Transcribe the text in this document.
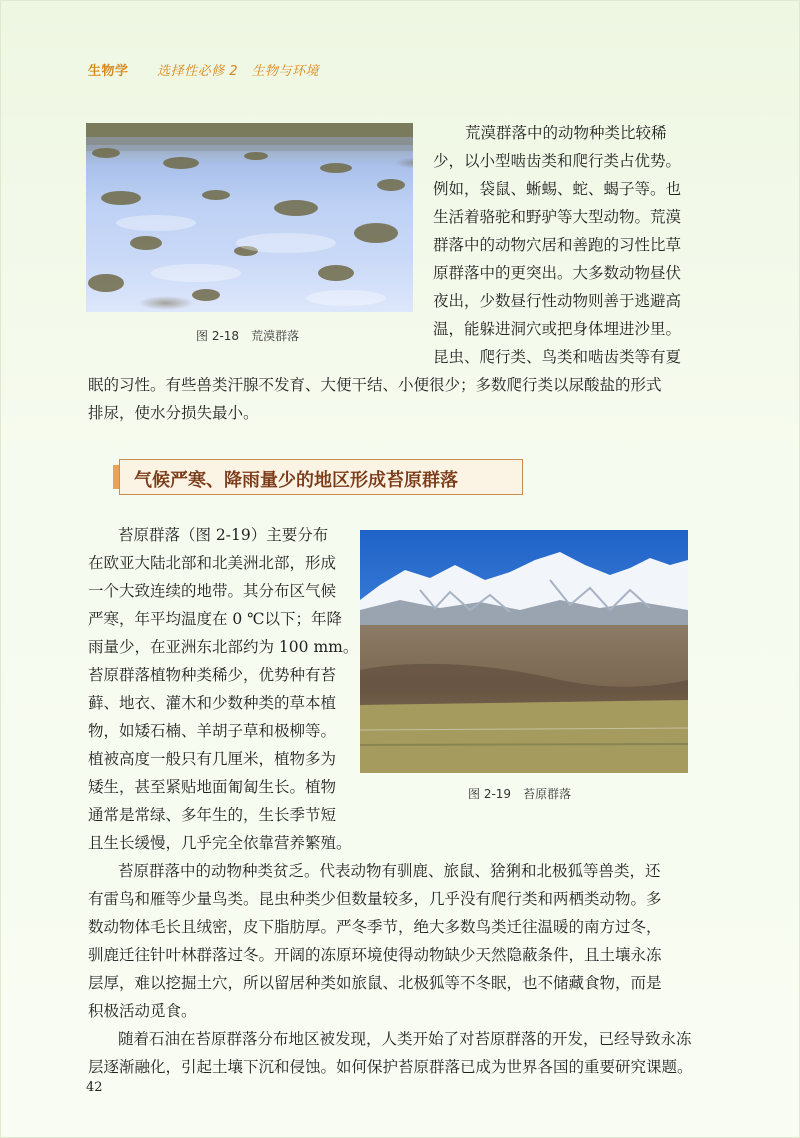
生物学 选择性必修 2　生物与环境
图 2-18 荒漠群落
荒漠群落中的动物种类比较稀
少，以小型啮齿类和爬行类占优势。
例如，袋鼠、蜥蜴、蛇、蝎子等。也
生活着骆驼和野驴等大型动物。荒漠
群落中的动物穴居和善跑的习性比草
原群落中的更突出。大多数动物昼伏
夜出，少数昼行性动物则善于逃避高
温，能躲进洞穴或把身体埋进沙里。
昆虫、爬行类、鸟类和啮齿类等有夏
眠的习性。有些兽类汗腺不发育、大便干结、小便很少；多数爬行类以尿酸盐的形式
排尿，使水分损失最小。
气候严寒、降雨量少的地区形成苔原群落
图 2-19 苔原群落
苔原群落（图 2-19）主要分布
在欧亚大陆北部和北美洲北部，形成
一个大致连续的地带。其分布区气候
严寒，年平均温度在 0 ℃以下；年降
雨量少，在亚洲东北部约为 100 mm。
苔原群落植物种类稀少，优势种有苔
藓、地衣、灌木和少数种类的草本植
物，如矮石楠、羊胡子草和极柳等。
植被高度一般只有几厘米，植物多为
矮生，甚至紧贴地面匍匐生长。植物
通常是常绿、多年生的，生长季节短
且生长缓慢，几乎完全依靠营养繁殖。
苔原群落中的动物种类贫乏。代表动物有驯鹿、旅鼠、猞猁和北极狐等兽类，还
有雷鸟和雁等少量鸟类。昆虫种类少但数量较多，几乎没有爬行类和两栖类动物。多
数动物体毛长且绒密，皮下脂肪厚。严冬季节，绝大多数鸟类迁往温暖的南方过冬，
驯鹿迁往针叶林群落过冬。开阔的冻原环境使得动物缺少天然隐蔽条件，且土壤永冻
层厚，难以挖掘土穴，所以留居种类如旅鼠、北极狐等不冬眠，也不储藏食物，而是
积极活动觅食。
随着石油在苔原群落分布地区被发现，人类开始了对苔原群落的开发，已经导致永冻
层逐渐融化，引起土壤下沉和侵蚀。如何保护苔原群落已成为世界各国的重要研究课题。
42
